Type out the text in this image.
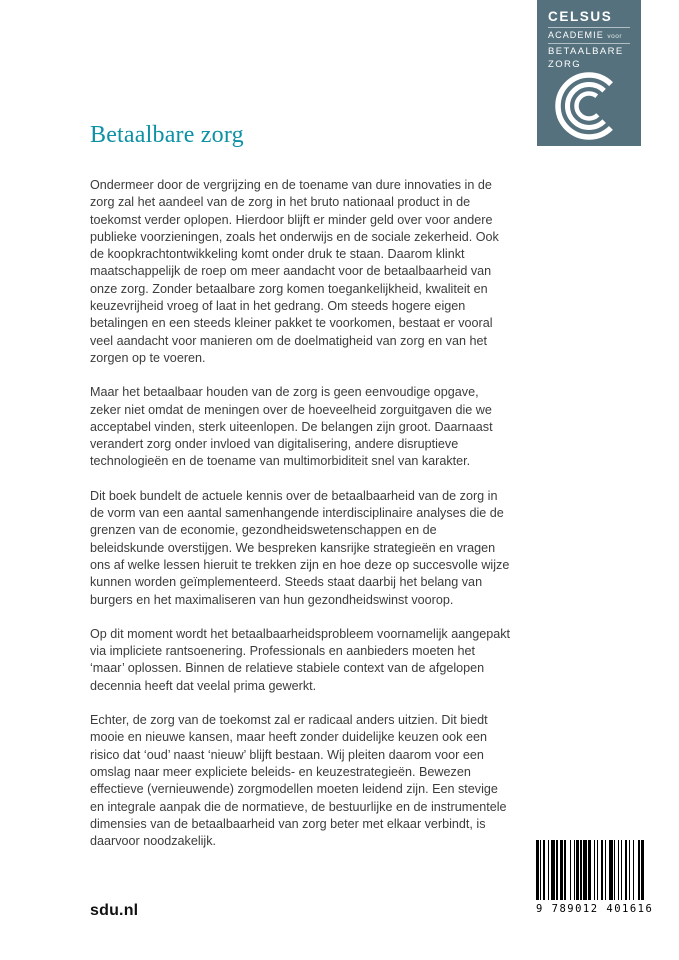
CELSUS
ACADEMIE voor
BETAALBARE
ZORG
Betaalbare zorg

Ondermeer door de vergrijzing en de toename van dure innovaties in de zorg zal het aandeel van de zorg in het bruto nationaal product in de toekomst verder oplopen. Hierdoor blijft er minder geld over voor andere publieke voorzieningen, zoals het onderwijs en de sociale zekerheid. Ook de koopkrachtontwikkeling komt onder druk te staan. Daarom klinkt maatschappelijk de roep om meer aandacht voor de betaalbaarheid van onze zorg. Zonder betaalbare zorg komen toegankelijkheid, kwaliteit en keuzevrijheid vroeg of laat in het gedrang. Om steeds hogere eigen betalingen en een steeds kleiner pakket te voorkomen, bestaat er vooral veel aandacht voor manieren om de doelmatigheid van zorg en van het zorgen op te voeren.

Maar het betaalbaar houden van de zorg is geen eenvoudige opgave, zeker niet omdat de meningen over de hoeveelheid zorguitgaven die we acceptabel vinden, sterk uiteenlopen. De belangen zijn groot. Daarnaast verandert zorg onder invloed van digitalisering, andere disruptieve technologieën en de toename van multimorbiditeit snel van karakter.

Dit boek bundelt de actuele kennis over de betaalbaarheid van de zorg in de vorm van een aantal samenhangende interdisciplinaire analyses die de grenzen van de economie, gezondheidswetenschappen en de beleidskunde overstijgen. We bespreken kansrijke strategieën en vragen ons af welke lessen hieruit te trekken zijn en hoe deze op succesvolle wijze kunnen worden geïmplementeerd. Steeds staat daarbij het belang van burgers en het maximaliseren van hun gezondheidswinst voorop.

Op dit moment wordt het betaalbaarheidsprobleem voornamelijk aangepakt via impliciete rantsoenering. Professionals en aanbieders moeten het ‘maar’ oplossen. Binnen de relatieve stabiele context van de afgelopen decennia heeft dat veelal prima gewerkt.

Echter, de zorg van de toekomst zal er radicaal anders uitzien. Dit biedt mooie en nieuwe kansen, maar heeft zonder duidelijke keuzen ook een risico dat ‘oud’ naast ‘nieuw’ blijft bestaan. Wij pleiten daarom voor een omslag naar meer expliciete beleids- en keuzestrategieën. Bewezen effectieve (vernieuwende) zorgmodellen moeten leidend zijn. Een stevige en integrale aanpak die de normatieve, de bestuurlijke en de instrumentele dimensies van de betaalbaarheid van zorg beter met elkaar verbindt, is daarvoor noodzakelijk.

sdu.nl	9 789012 401616
